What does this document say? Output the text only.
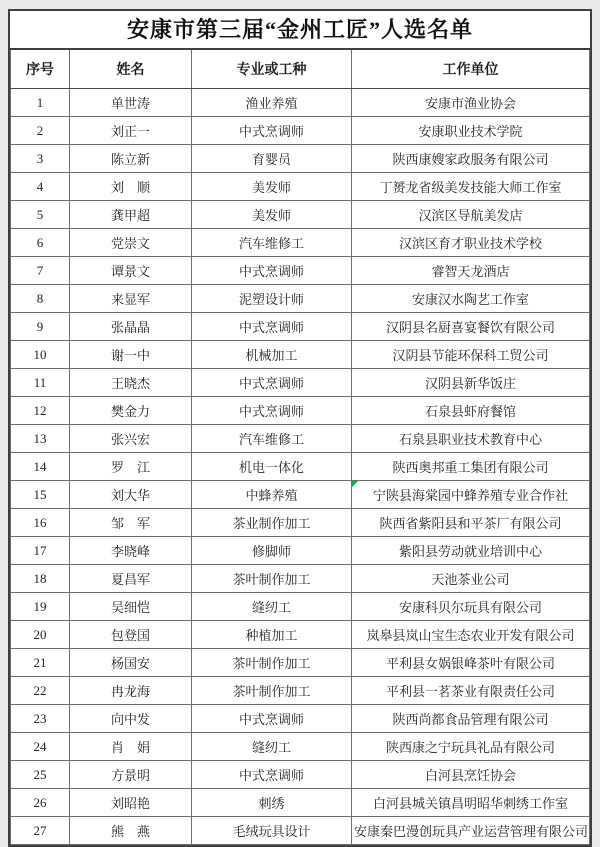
安康市第三届“金州工匠”人选名单
序号	姓名	专业或工种	工作单位
1	单世涛	渔业养殖	安康市渔业协会
2	刘正一	中式烹调师	安康职业技术学院
3	陈立新	育婴员	陕西康嫂家政服务有限公司
4	刘　顺	美发师	丁赟龙省级美发技能大师工作室
5	龚甲超	美发师	汉滨区导航美发店
6	党崇文	汽车维修工	汉滨区育才职业技术学校
7	谭景文	中式烹调师	睿智天龙酒店
8	来显军	泥塑设计师	安康汉水陶艺工作室
9	张晶晶	中式烹调师	汉阴县名厨喜宴餐饮有限公司
10	谢一中	机械加工	汉阴县节能环保科工贸公司
11	王晓杰	中式烹调师	汉阴县新华饭庄
12	樊金力	中式烹调师	石泉县虾府餐馆
13	张兴宏	汽车维修工	石泉县职业技术教育中心
14	罗　江	机电一体化	陕西奥邦重工集团有限公司
15	刘大华	中蜂养殖	宁陕县海棠园中蜂养殖专业合作社

16	邹　军	茶业制作加工	陕西省紫阳县和平茶厂有限公司
17	李晓峰	修脚师	紫阳县劳动就业培训中心
18	夏昌军	茶叶制作加工	天池茶业公司
19	吴细恺	缝纫工	安康科贝尔玩具有限公司
20	包登国	种植加工	岚皋县岚山宝生态农业开发有限公司
21	杨国安	茶叶制作加工	平利县女娲银峰茶叶有限公司
22	冉龙海	茶叶制作加工	平利县一茗茶业有限责任公司
23	向中发	中式烹调师	陕西尚都食品管理有限公司
24	肖　娟	缝纫工	陕西康之宁玩具礼品有限公司
25	方景明	中式烹调师	白河县烹饪协会
26	刘昭艳	刺绣	白河县城关镇昌明昭华刺绣工作室
27	熊　燕	毛绒玩具设计	安康秦巴漫创玩具产业运营管理有限公司
